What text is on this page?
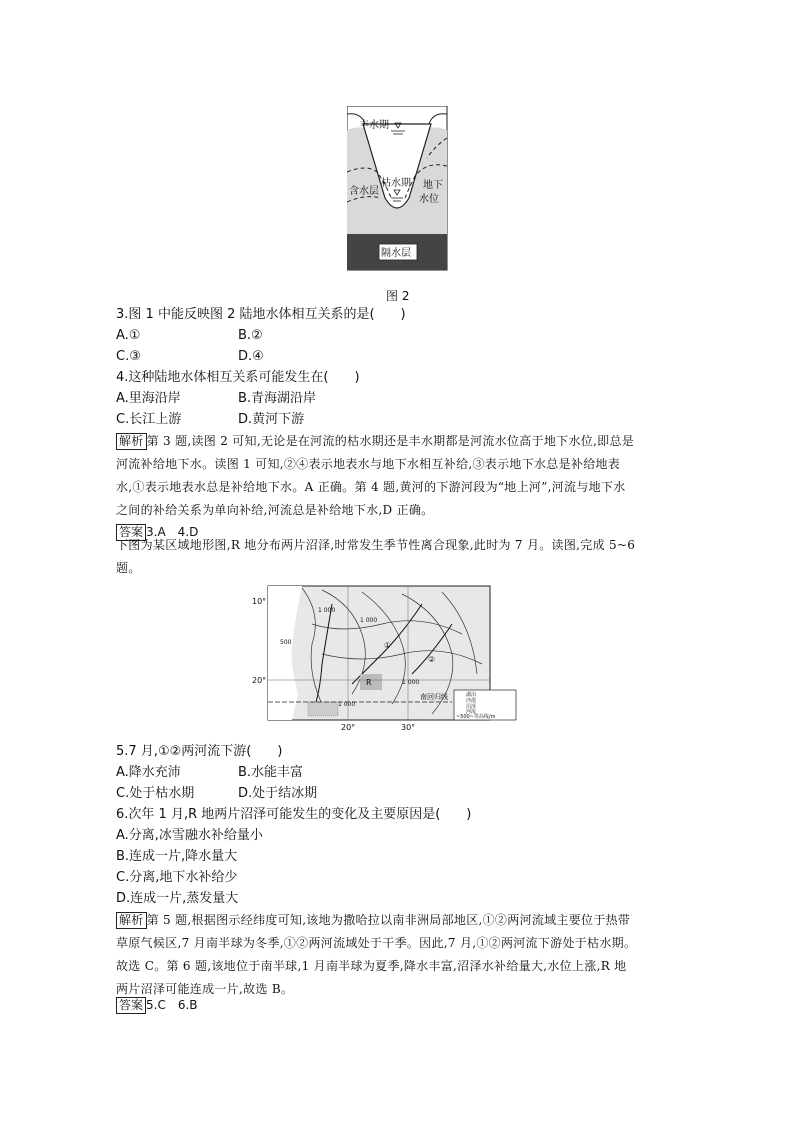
丰水期
枯水期
含水层
地下
水位
隔水层
图 2
3.图 1 中能反映图 2 陆地水体相互关系的是(　　)
A.①	B.②
C.③	D.④
4.这种陆地水体相互关系可能发生在(　　)
A.里海沿岸	B.青海湖沿岸
C.长江上游	D.黄河下游
解析 第 3 题,读图 2 可知,无论是在河流的枯水期还是丰水期都是河流水位高于地下水位,即总是
河流补给地下水。读图 1 可知,②④表示地表水与地下水相互补给,③表示地下水总是补给地表
水,①表示地表水总是补给地下水。A 正确。第 4 题,黄河的下游河段为“地上河”,河流与地下水
之间的补给关系为单向补给,河流总是补给地下水,D 正确。
答案 3.A　4.D
下图为某区域地形图,R 地分布两片沼泽,时常发生季节性离合现象,此时为 7 月。读图,完成 5~6
题。
10°
20°
20°	30°
南回归线
1 000
1 000
1 000
1 000
500
R
①
②
湖泊
沙漠
沼泽
河流
~500~等高线/m
5.7 月,①②两河流下游(　　)
A.降水充沛	B.水能丰富
C.处于枯水期	D.处于结冰期
6.次年 1 月,R 地两片沼泽可能发生的变化及主要原因是(　　)
A.分离,冰雪融水补给量小
B.连成一片,降水量大
C.分离,地下水补给少
D.连成一片,蒸发量大
解析 第 5 题,根据图示经纬度可知,该地为撒哈拉以南非洲局部地区,①②两河流域主要位于热带
草原气候区,7 月南半球为冬季,①②两河流域处于干季。因此,7 月,①②两河流下游处于枯水期。
故选 C。第 6 题,该地位于南半球,1 月南半球为夏季,降水丰富,沼泽水补给量大,水位上涨,R 地
两片沼泽可能连成一片,故选 B。
答案 5.C　6.B
